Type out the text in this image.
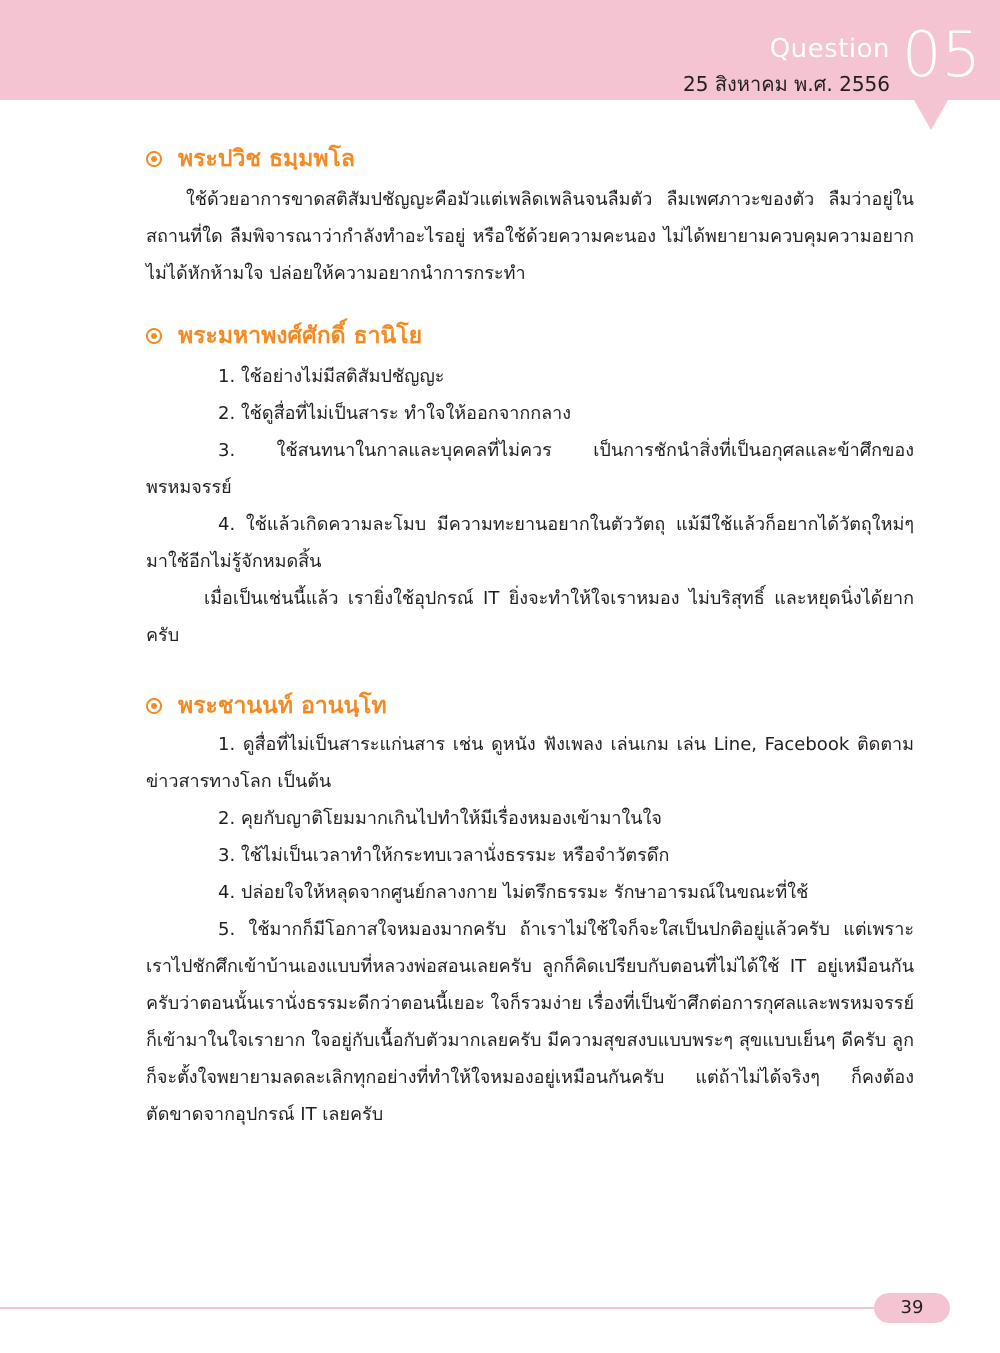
Question
25 สิงหาคม พ.ศ. 2556 05
พระปวิช ธมฺมพโล

ใช้ด้วยอาการขาดสติสัมปชัญญะคือมัวแต่เพลิดเพลินจนลืมตัว ลืมเพศภาวะของตัว ลืมว่าอยู่ในสถานที่ใด ลืมพิจารณาว่ากำลังทำอะไรอยู่ หรือใช้ด้วยความคะนอง ไม่ได้พยายามควบคุมความอยาก ไม่ได้หักห้ามใจ ปล่อยให้ความอยากนำการกระทำ

พระมหาพงศ์ศักดิ์ ธานิโย

1. ใช้อย่างไม่มีสติสัมปชัญญะ

2. ใช้ดูสื่อที่ไม่เป็นสาระ ทำใจให้ออกจากกลาง

3. ใช้สนทนาในกาลและบุคคลที่ไม่ควร เป็นการชักนำสิ่งที่เป็นอกุศลและข้าศึกของพรหมจรรย์

4. ใช้แล้วเกิดความละโมบ มีความทะยานอยากในตัววัตถุ แม้มีใช้แล้วก็อยากได้วัตถุใหม่ๆ มาใช้อีกไม่รู้จักหมดสิ้น

เมื่อเป็นเช่นนี้แล้ว เรายิ่งใช้อุปกรณ์ IT ยิ่งจะทำให้ใจเราหมอง ไม่บริสุทธิ์ และหยุดนิ่งได้ยากครับ

พระชานนท์ อานนฺโท

1. ดูสื่อที่ไม่เป็นสาระแก่นสาร เช่น ดูหนัง ฟังเพลง เล่นเกม เล่น Line, Facebook ติดตามข่าวสารทางโลก เป็นต้น

2. คุยกับญาติโยมมากเกินไปทำให้มีเรื่องหมองเข้ามาในใจ

3. ใช้ไม่เป็นเวลาทำให้กระทบเวลานั่งธรรมะ หรือจำวัตรดึก

4. ปล่อยใจให้หลุดจากศูนย์กลางกาย ไม่ตรึกธรรมะ รักษาอารมณ์ในขณะที่ใช้

5. ใช้มากก็มีโอกาสใจหมองมากครับ ถ้าเราไม่ใช้ใจก็จะใสเป็นปกติอยู่แล้วครับ แต่เพราะเราไปชักศึกเข้าบ้านเองแบบที่หลวงพ่อสอนเลยครับ ลูกก็คิดเปรียบกับตอนที่ไม่ได้ใช้ IT อยู่เหมือนกันครับว่าตอนนั้นเรานั่งธรรมะดีกว่าตอนนี้เยอะ ใจก็รวมง่าย เรื่องที่เป็นข้าศึกต่อการกุศลและพรหมจรรย์ก็เข้ามาในใจเรายาก ใจอยู่กับเนื้อกับตัวมากเลยครับ มีความสุขสงบแบบพระๆ สุขแบบเย็นๆ ดีครับ ลูกก็จะตั้งใจพยายามลดละเลิกทุกอย่างที่ทำให้ใจหมองอยู่เหมือนกันครับ แต่ถ้าไม่ได้จริงๆ ก็คงต้องตัดขาดจากอุปกรณ์ IT เลยครับ

39
